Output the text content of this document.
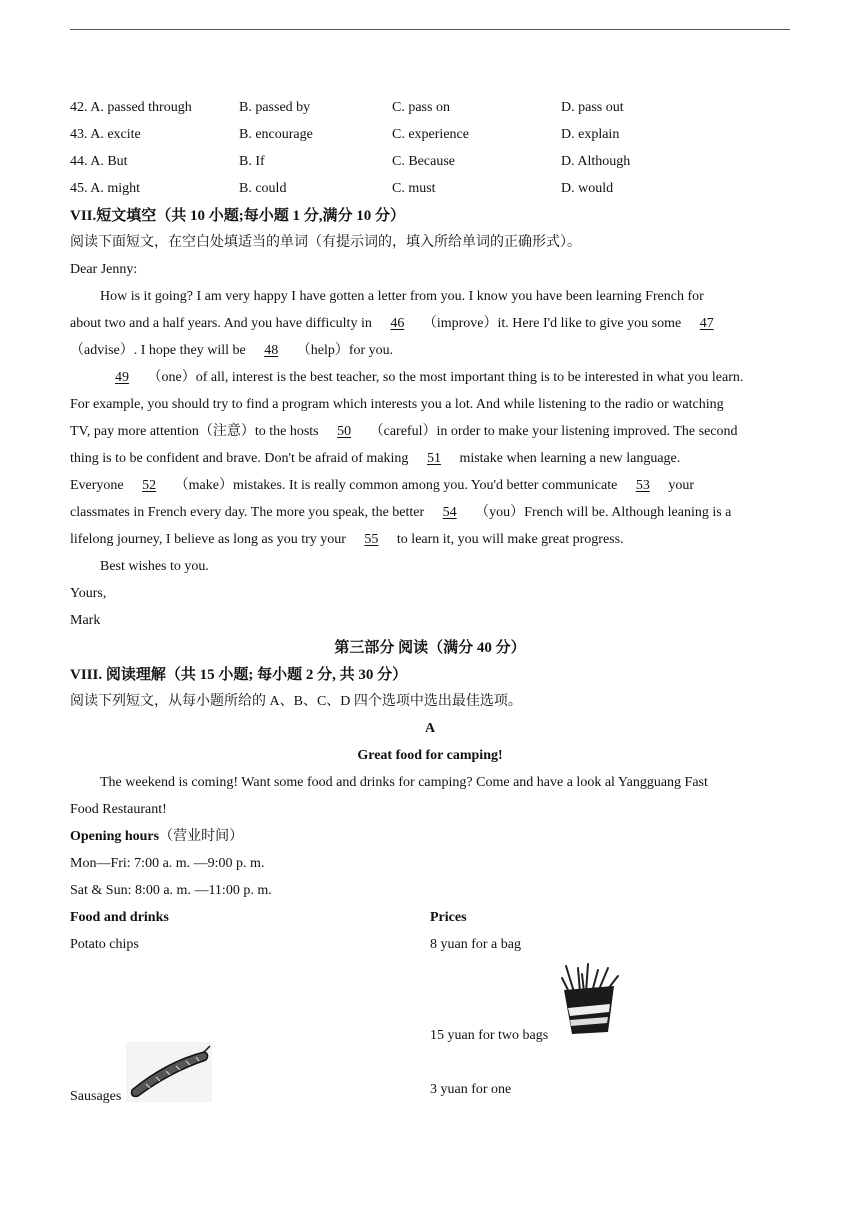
42. A. passed through	B. passed by	C. pass on	D. pass out
43. A. excite	B. encourage	C. experience	D. explain
44. A. But	B. If	C. Because	D. Although
45. A. might	B. could	C. must	D. would
VII.短文填空（共 10 小题;每小题 1 分,满分 10 分）
阅读下面短文，在空白处填适当的单词（有提示词的，填入所给单词的正确形式）。
Dear Jenny:
How is it going? I am very happy I have gotten a letter from you. I know you have been learning French for
about two and a half years. And you have difficulty in 46 （improve）it. Here I'd like to give you some 47
（advise）. I hope they will be 48 （help）for you.
49 （one）of all, interest is the best teacher, so the most important thing is to be interested in what you learn.
For example, you should try to find a program which interests you a lot. And while listening to the radio or watching
TV, pay more attention（注意）to the hosts 50 （careful）in order to make your listening improved. The second
thing is to be confident and brave. Don't be afraid of making 51 mistake when learning a new language.
Everyone 52 （make）mistakes. It is really common among you. You'd better communicate 53 your
classmates in French every day. The more you speak, the better 54 （you）French will be. Although leaning is a
lifelong journey, I believe as long as you try your 55 to learn it, you will make great progress.
Best wishes to you.
Yours,
Mark
第三部分 阅读（满分 40 分）
VIII. 阅读理解（共 15 小题; 每小题 2 分, 共 30 分）
阅读下列短文，从每小题所给的 A、B、C、D 四个选项中选出最佳选项。
A
Great food for camping!
The weekend is coming! Want some food and drinks for camping? Come and have a look al Yangguang Fast
Food Restaurant!
Opening hours（营业时间）
Mon—Fri: 7:00 a. m. —9:00 p. m.
Sat & Sun: 8:00 a. m. —11:00 p. m.
Food and drinks	Prices
Potato chips	8 yuan for a bag
15 yuan for two bags
Sausages	3 yuan for one
